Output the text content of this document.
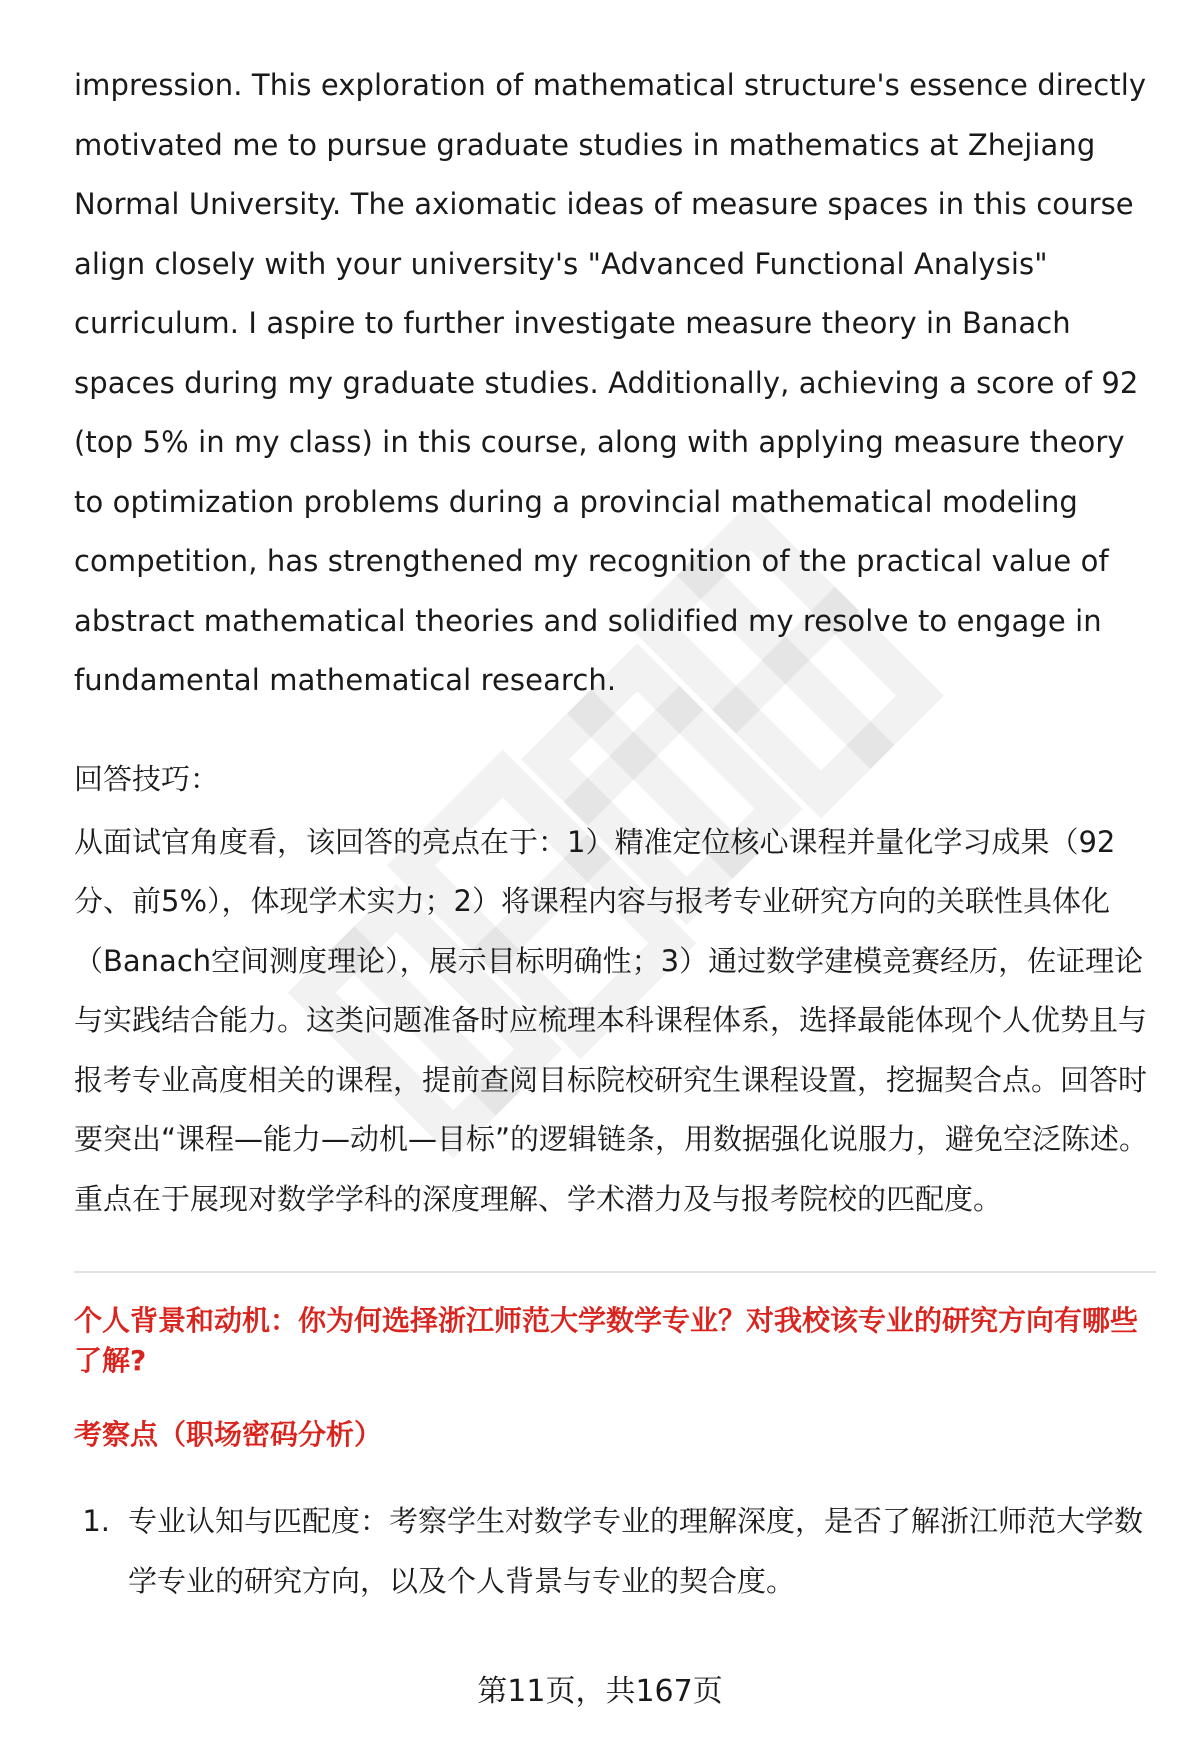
impression. This exploration of mathematical structure's essence directly motivated me to pursue graduate studies in mathematics at Zhejiang Normal University. The axiomatic ideas of measure spaces in this course align closely with your university's "Advanced Functional Analysis" curriculum. I aspire to further investigate measure theory in Banach spaces during my graduate studies. Additionally, achieving a score of 92 (top 5% in my class) in this course, along with applying measure theory to optimization problems during a provincial mathematical modeling competition, has strengthened my recognition of the practical value of abstract mathematical theories and solidified my resolve to engage in fundamental mathematical research.

回答技巧：

从面试官角度看，该回答的亮点在于：1）精准定位核心课程并量化学习成果（92分、前5%），体现学术实力；2）将课程内容与报考专业研究方向的关联性具体化（Banach空间测度理论），展示目标明确性；3）通过数学建模竞赛经历，佐证理论与实践结合能力。这类问题准备时应梳理本科课程体系，选择最能体现个人优势且与报考专业高度相关的课程，提前查阅目标院校研究生课程设置，挖掘契合点。回答时要突出“课程—能力—动机—目标”的逻辑链条，用数据强化说服力，避免空泛陈述。重点在于展现对数学学科的深度理解、学术潜力及与报考院校的匹配度。

个人背景和动机：你为何选择浙江师范大学数学专业？对我校该专业的研究方向有哪些了解?
考察点（职场密码分析）
1. 专业认知与匹配度：考察学生对数学专业的理解深度，是否了解浙江师范大学数学专业的研究方向，以及个人背景与专业的契合度。
第11页，共167页
